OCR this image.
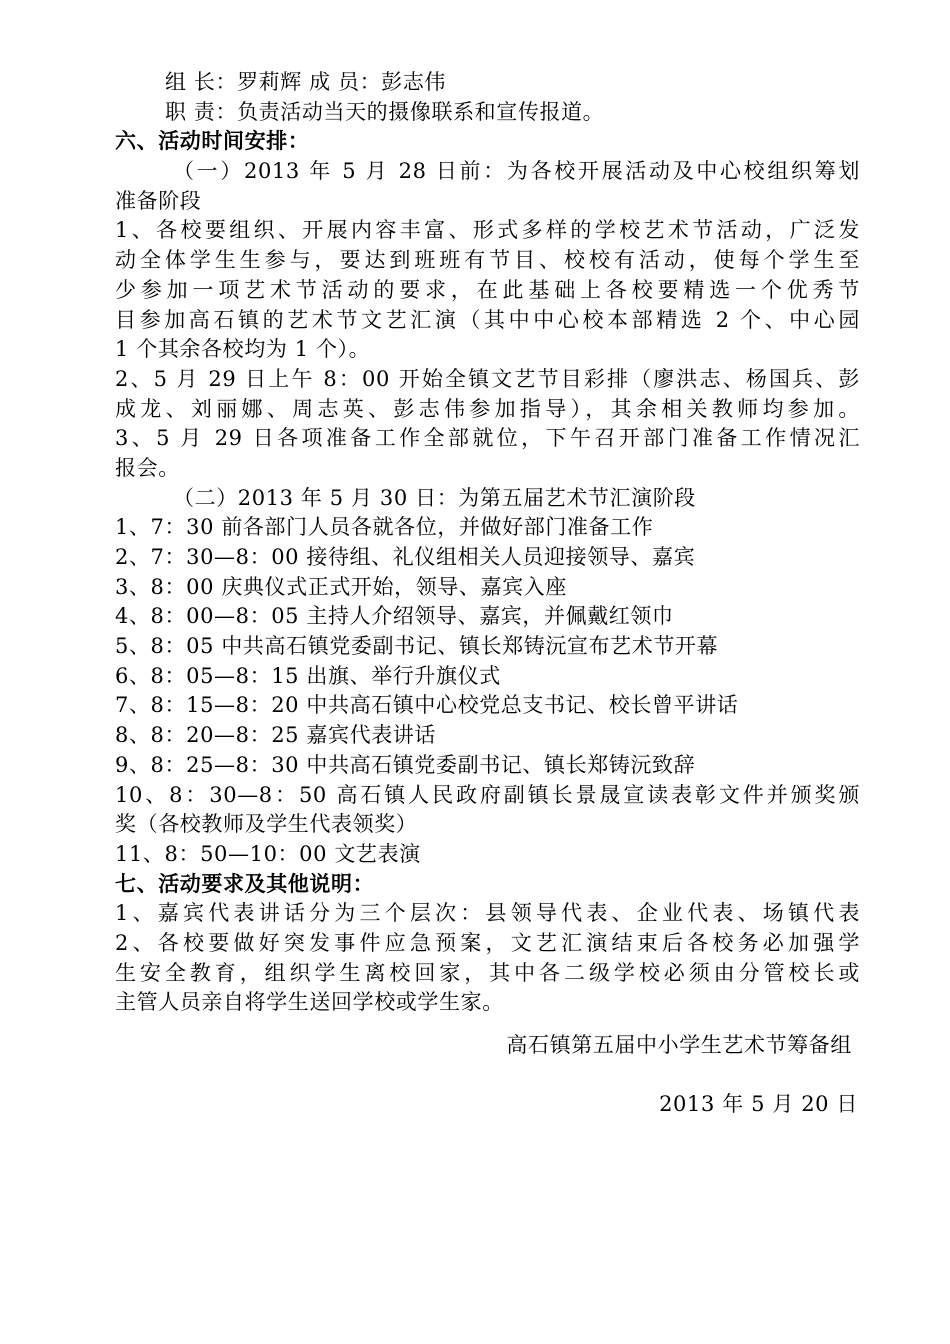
组 长：罗莉辉 成 员：彭志伟
职 责：负责活动当天的摄像联系和宣传报道。
六、活动时间安排：
（一）2013 年 5 月 28 日前：为各校开展活动及中心校组织筹划
准备阶段
1、各校要组织、开展内容丰富、形式多样的学校艺术节活动，广泛发
动全体学生生参与，要达到班班有节目、校校有活动，使每个学生至
少参加一项艺术节活动的要求，在此基础上各校要精选一个优秀节
目参加高石镇的艺术节文艺汇演（其中中心校本部精选 2 个、中心园
1 个其余各校均为 1 个）。
2、5 月 29 日上午 8：00 开始全镇文艺节目彩排（廖洪志、杨国兵、彭
成龙、刘丽娜、周志英、彭志伟参加指导），其余相关教师均参加。
3、5 月 29 日各项准备工作全部就位，下午召开部门准备工作情况汇
报会。
（二）2013 年 5 月 30 日：为第五届艺术节汇演阶段
1、7：30 前各部门人员各就各位，并做好部门准备工作
2、7：30—8：00 接待组、礼仪组相关人员迎接领导、嘉宾
3、8：00 庆典仪式正式开始，领导、嘉宾入座
4、8：00—8：05 主持人介绍领导、嘉宾，并佩戴红领巾
5、8：05 中共高石镇党委副书记、镇长郑铸沅宣布艺术节开幕
6、8：05—8：15 出旗、举行升旗仪式
7、8：15—8：20 中共高石镇中心校党总支书记、校长曾平讲话
8、8：20—8：25 嘉宾代表讲话
9、8：25—8：30 中共高石镇党委副书记、镇长郑铸沅致辞
10、8：30—8：50 高石镇人民政府副镇长景晟宣读表彰文件并颁奖颁
奖（各校教师及学生代表领奖）
11、8：50—10：00 文艺表演
七、活动要求及其他说明：
1、嘉宾代表讲话分为三个层次：县领导代表、企业代表、场镇代表
2、各校要做好突发事件应急预案，文艺汇演结束后各校务必加强学
生安全教育，组织学生离校回家，其中各二级学校必须由分管校长或
主管人员亲自将学生送回学校或学生家。
高石镇第五届中小学生艺术节筹备组
2013 年 5 月 20 日
